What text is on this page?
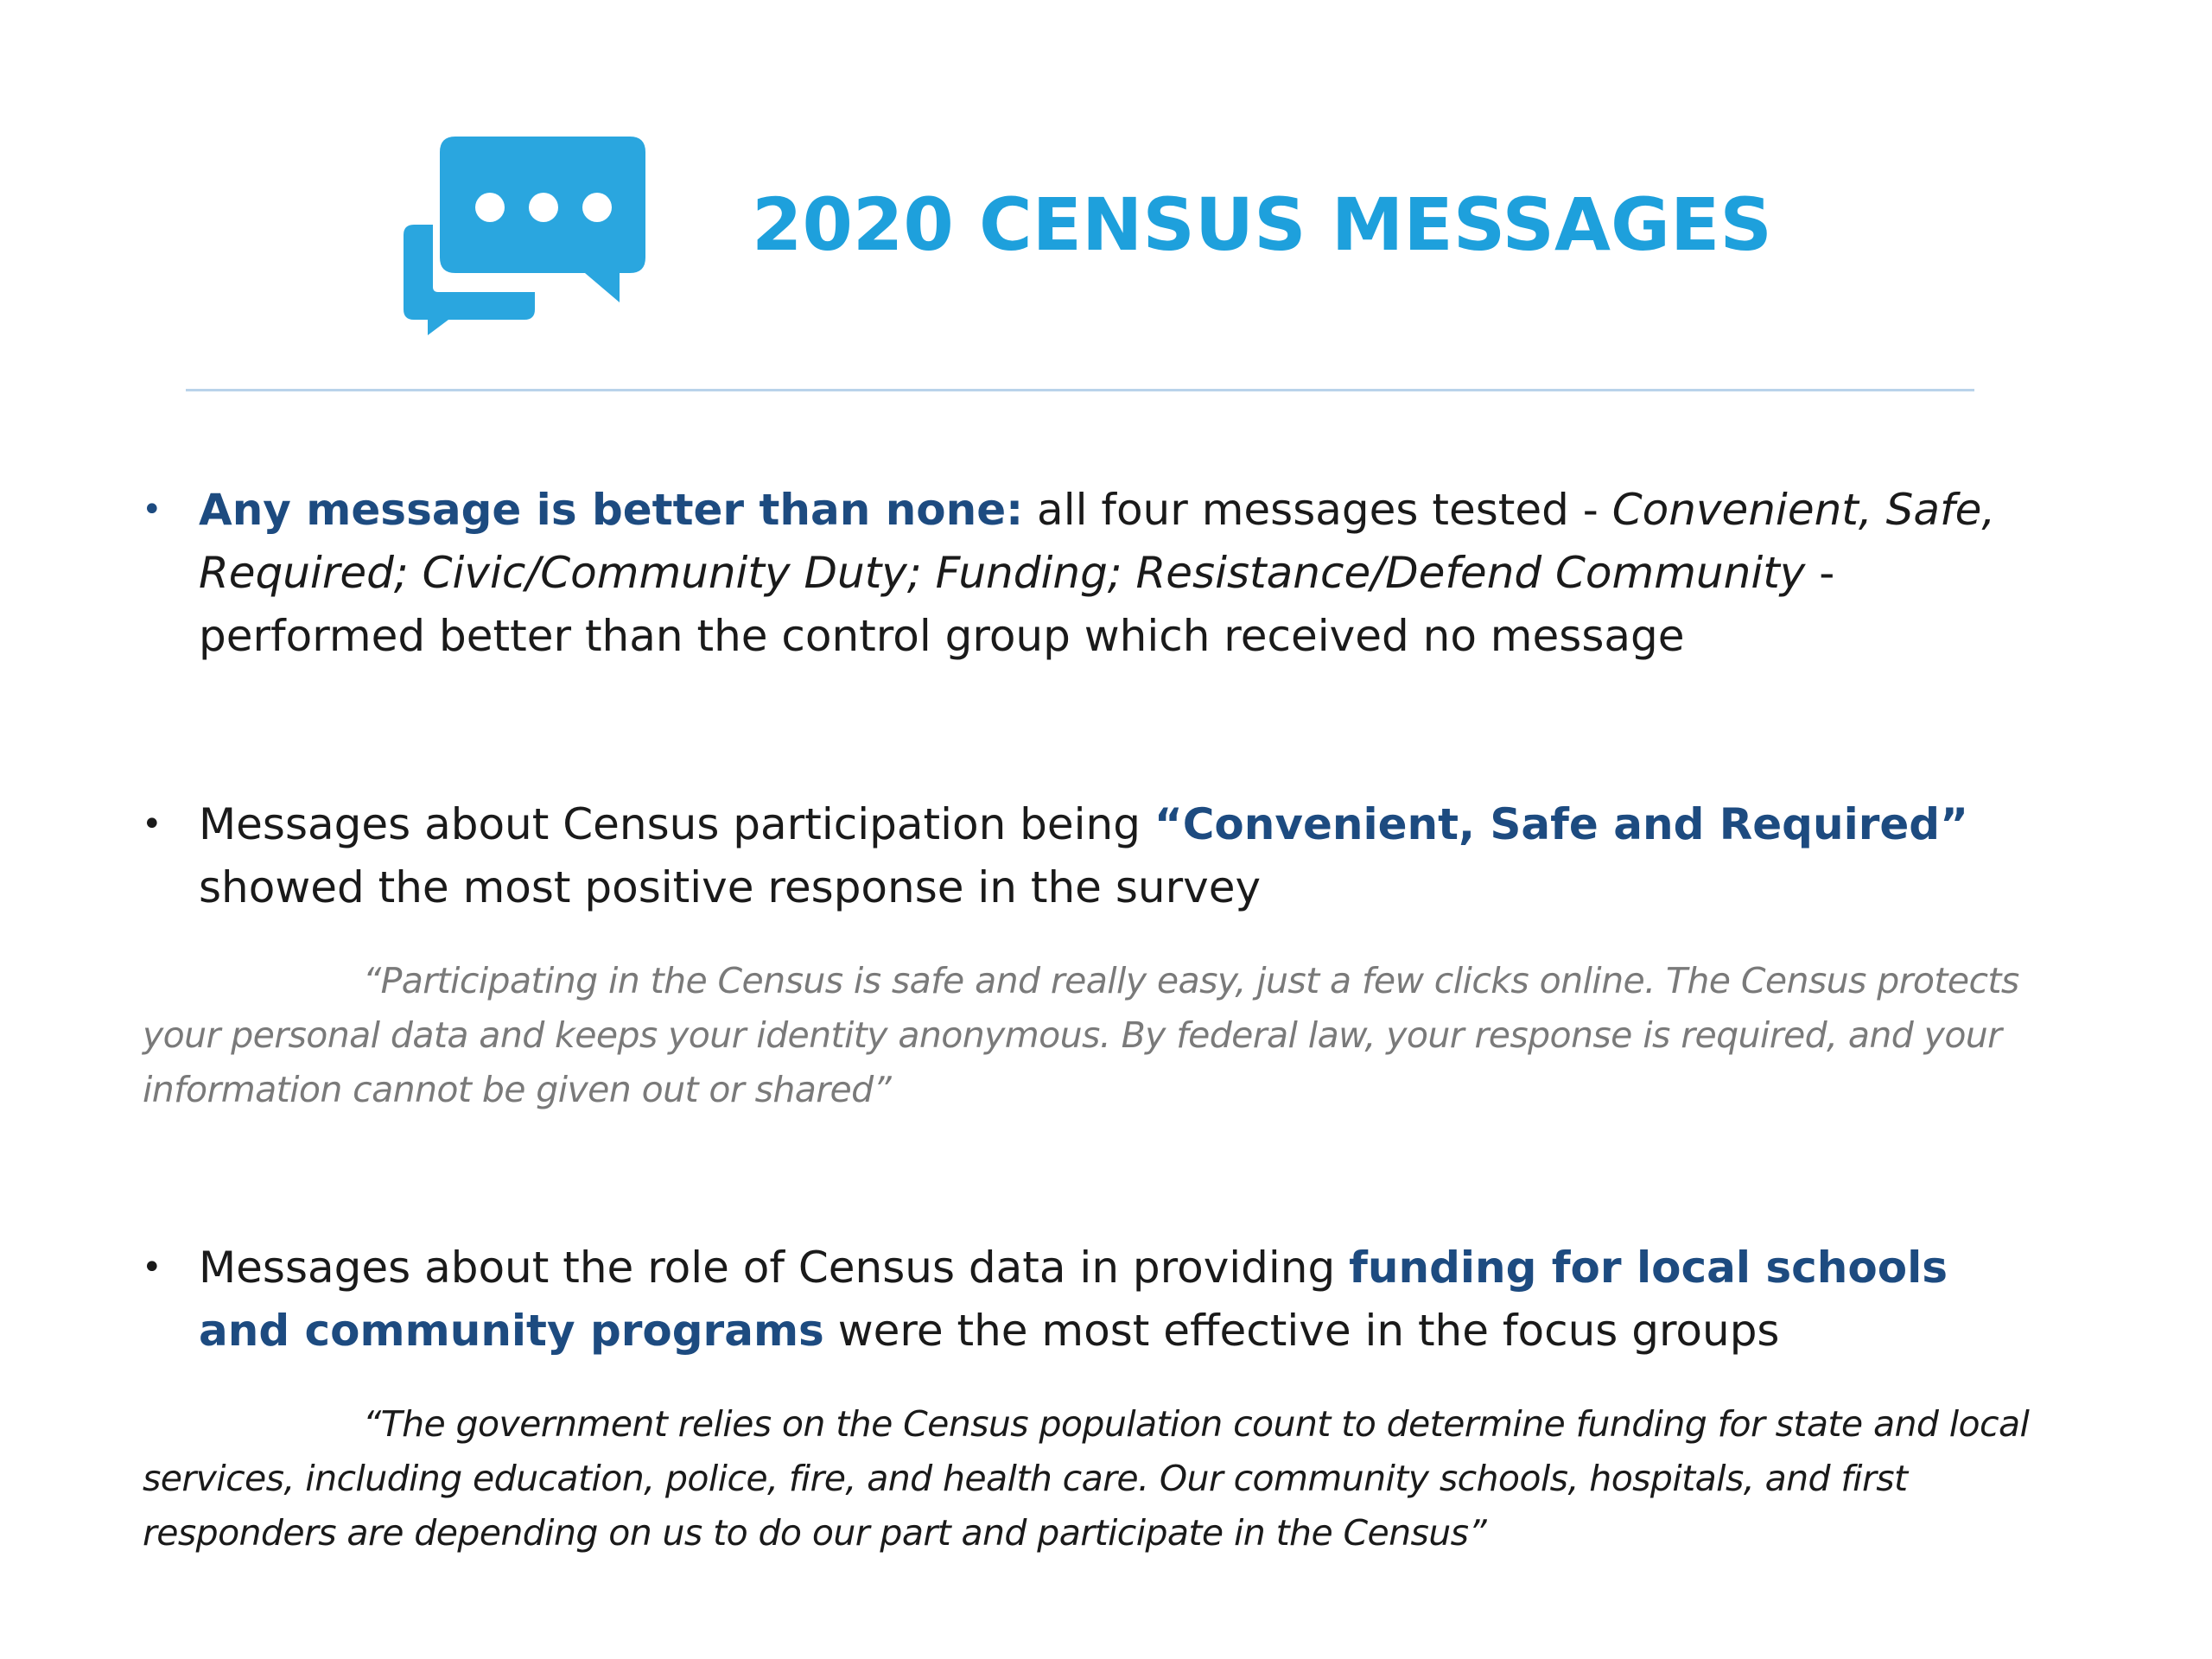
2020 CENSUS MESSAGES
• Any message is better than none: all four messages tested - Convenient, Safe, Required; Civic/Community Duty; Funding; Resistance/Defend Community - performed better than the control group which received no message
• Messages about Census participation being “Convenient, Safe and Required” showed the most positive response in the survey
“Participating in the Census is safe and really easy, just a few clicks online. The Census protects your personal data and keeps your identity anonymous. By federal law, your response is required, and your information cannot be given out or shared”
• Messages about the role of Census data in providing funding for local schools and community programs were the most effective in the focus groups
“The government relies on the Census population count to determine funding for state and local services, including education, police, fire, and health care. Our community schools, hospitals, and first responders are depending on us to do our part and participate in the Census”
